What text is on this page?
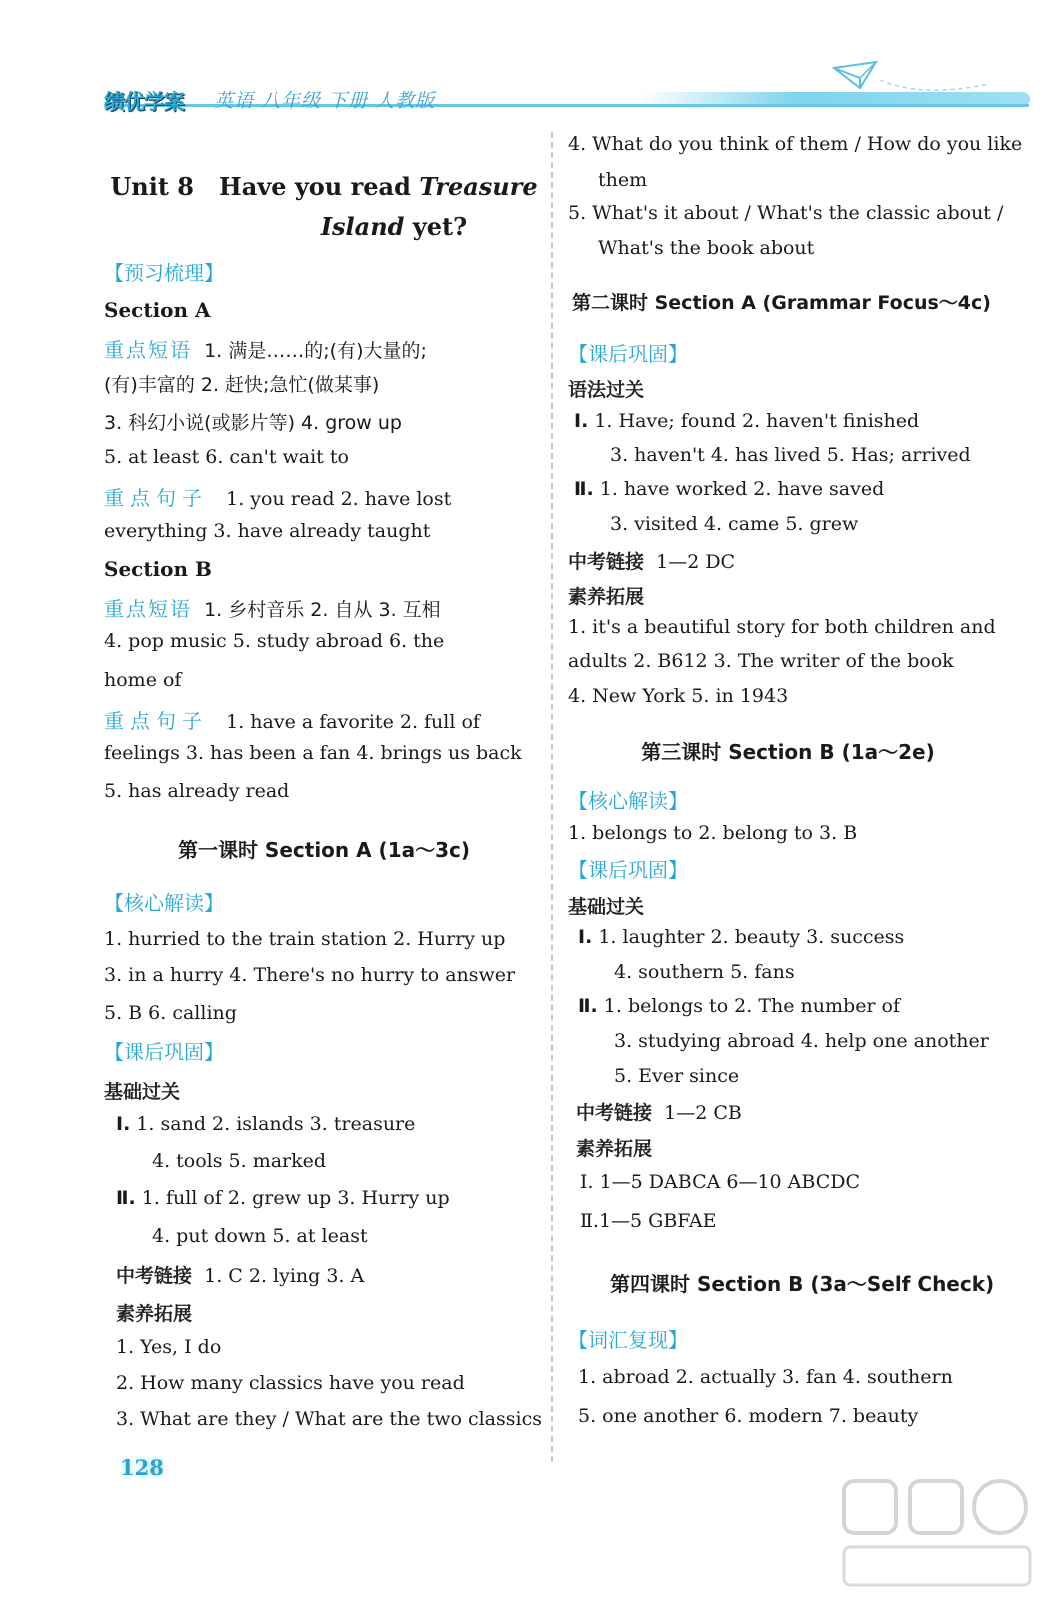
绩优学案 英语 八年级 下册 人教版
Unit 8 Have you read Treasure
Island yet?
【预习梳理】
Section A
重点短语 1. 满是……的;(有)大量的;
(有)丰富的 2. 赶快;急忙(做某事)
3. 科幻小说(或影片等) 4. grow up
5. at least 6. can't wait to
重点句子 1. you read 2. have lost
everything 3. have already taught
Section B
重点短语 1. 乡村音乐 2. 自从 3. 互相
4. pop music 5. study abroad 6. the
home of
重点句子 1. have a favorite 2. full of
feelings 3. has been a fan 4. brings us back
5. has already read
第一课时 Section A (1a～3c)
【核心解读】
1. hurried to the train station 2. Hurry up
3. in a hurry 4. There's no hurry to answer
5. B 6. calling
【课后巩固】
基础过关
Ⅰ. 1. sand 2. islands 3. treasure
4. tools 5. marked
Ⅱ. 1. full of 2. grew up 3. Hurry up
4. put down 5. at least
中考链接 1. C 2. lying 3. A
素养拓展
1. Yes, I do
2. How many classics have you read
3. What are they / What are the two classics
4. What do you think of them / How do you like
them
5. What's it about / What's the classic about /
What's the book about
第二课时 Section A (Grammar Focus～4c)
【课后巩固】
语法过关
Ⅰ. 1. Have; found 2. haven't finished
3. haven't 4. has lived 5. Has; arrived
Ⅱ. 1. have worked 2. have saved
3. visited 4. came 5. grew
中考链接 1—2 DC
素养拓展
1. it's a beautiful story for both children and
adults 2. B612 3. The writer of the book
4. New York 5. in 1943
第三课时 Section B (1a～2e)
【核心解读】
1. belongs to 2. belong to 3. B
【课后巩固】
基础过关
Ⅰ. 1. laughter 2. beauty 3. success
4. southern 5. fans
Ⅱ. 1. belongs to 2. The number of
3. studying abroad 4. help one another
5. Ever since
中考链接 1—2 CB
素养拓展
Ⅰ. 1—5 DABCA 6—10 ABCDC
Ⅱ.1—5 GBFAE
第四课时 Section B (3a～Self Check)
【词汇复现】
1. abroad 2. actually 3. fan 4. southern
5. one another 6. modern 7. beauty
128
